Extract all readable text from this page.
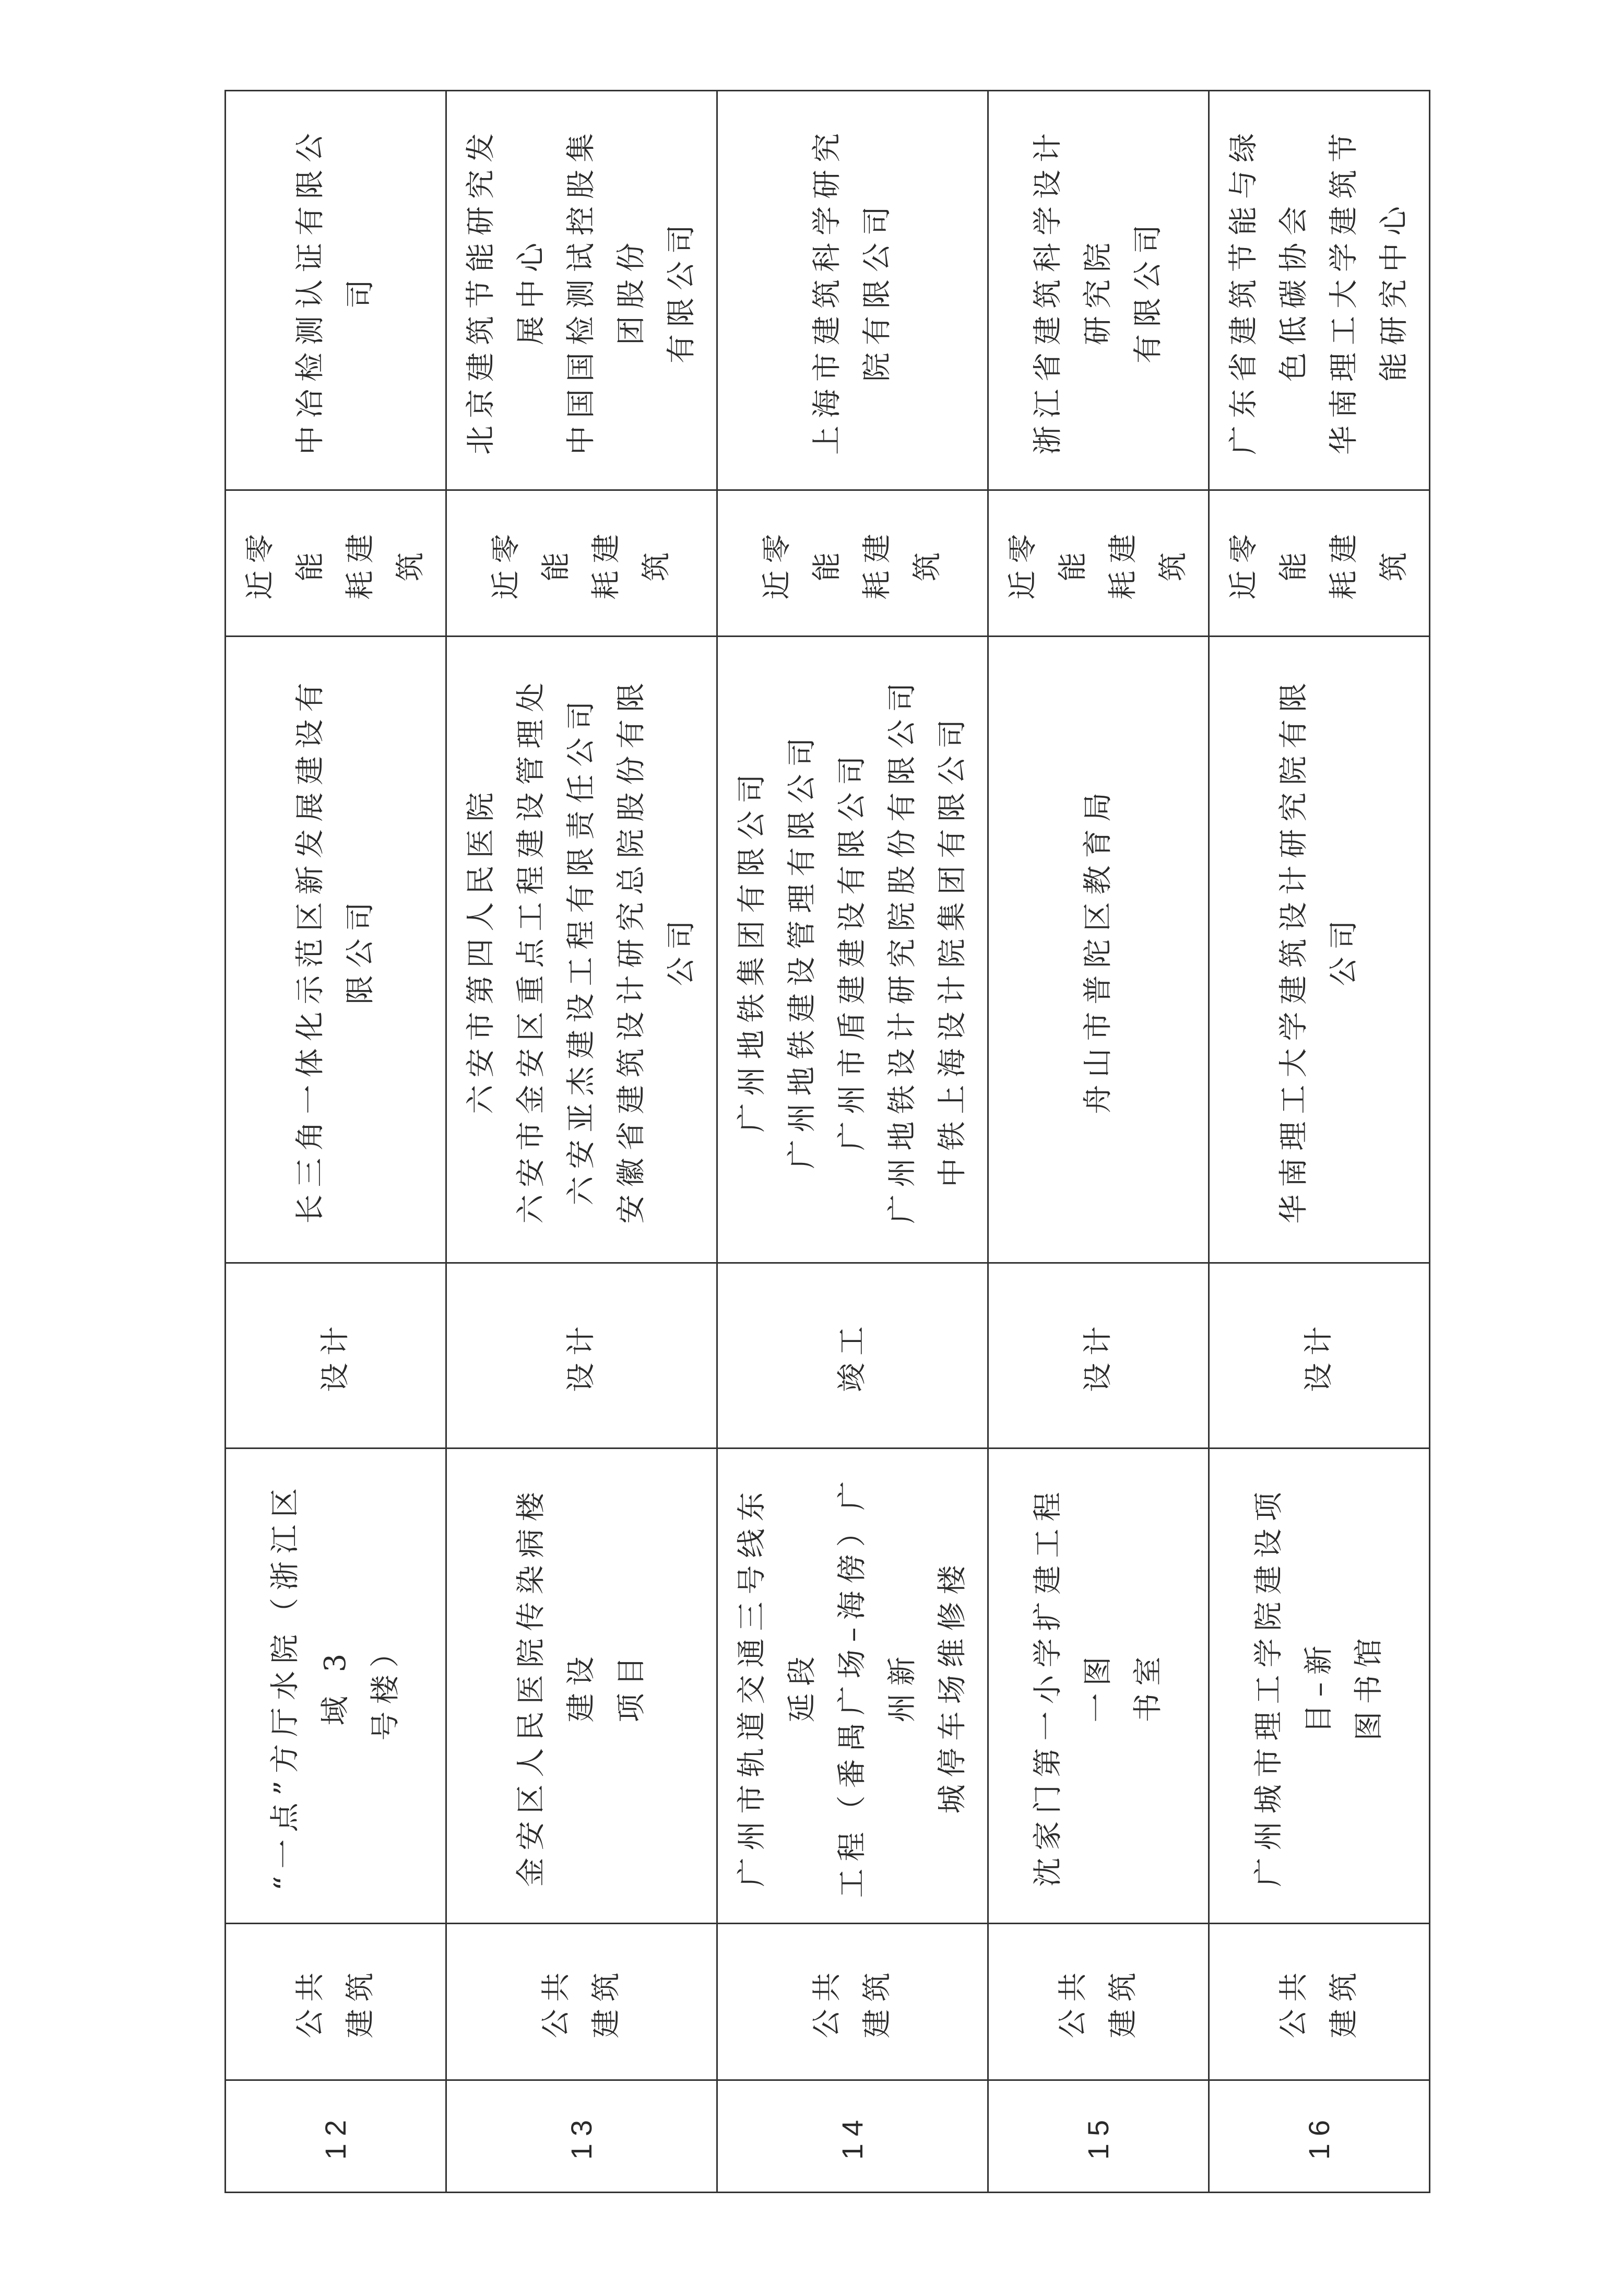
12	公共 建筑	“一点”方厅水院（浙江区域 3 号楼）	设计	长三角一体化示范区新发展建设有限公司	近零能 耗建筑	中冶检测认证有限公司

13	公共 建筑	金安区人民医院传染病楼建设 项目	设计	六安市第四人民医院 六安市金安区重点工程建设管理处 六安亚杰建设工程有限责任公司 安徽省建筑设计研究总院股份有限公司	近零能 耗建筑	北京建筑节能研究发展中心 中国国检测试控股集团股份 有限公司

14	公共 建筑	广州市轨道交通三号线东延段 工程（番禺广场–海傍）广州新 城停车场维修楼	竣工	广州地铁集团有限公司 广州地铁建设管理有限公司 广州市盾建建设有限公司 广州地铁设计研究院股份有限公司 中铁上海设计院集团有限公司	近零能 耗建筑	上海市建筑科学研究院有限公司

15	公共 建筑	沈家门第一小学扩建工程一图 书室	设计	舟山市普陀区教育局	近零能 耗建筑	浙江省建筑科学设计研究院 有限公司

16	公共 建筑	广州城市理工学院建设项目–新 图书馆	设计	华南理工大学建筑设计研究院有限公司	近零能 耗建筑	广东省建筑节能与绿色低碳协会 华南理工大学建筑节能研究中心
